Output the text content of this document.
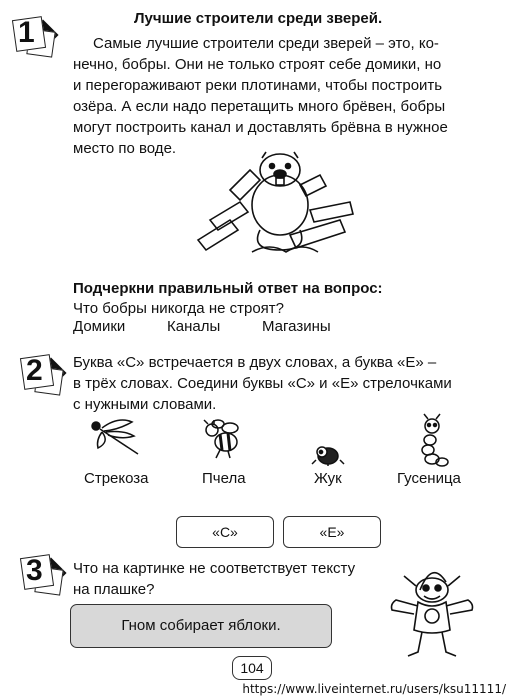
1	Лучшие строители среди зверей.

Самые лучшие строители среди зверей – это, ко-

нечно, бобры. Они не только строят себе домики, но

и перегораживают реки плотинами, чтобы построить

озёра. А если надо перетащить много брёвен, бобры

могут построить канал и доставлять брёвна в нужное

место по воде.

Подчеркни правильный ответ на вопрос:

Что бобры никогда не строят?

Домики	Каналы	Магазины
2 Буква «С» встречается в двух словах, а буква «Е» –

в трёх словах. Соедини буквы «С» и «Е» стрелочками

с нужными словами.

Стрекоза	Пчела	Жук	Гусеница
«С»	«Е»
3 Что на картинке не соответствует тексту

на плашке?

Гном собирает яблоки.
104
https://www.liveinternet.ru/users/ksu11111/
